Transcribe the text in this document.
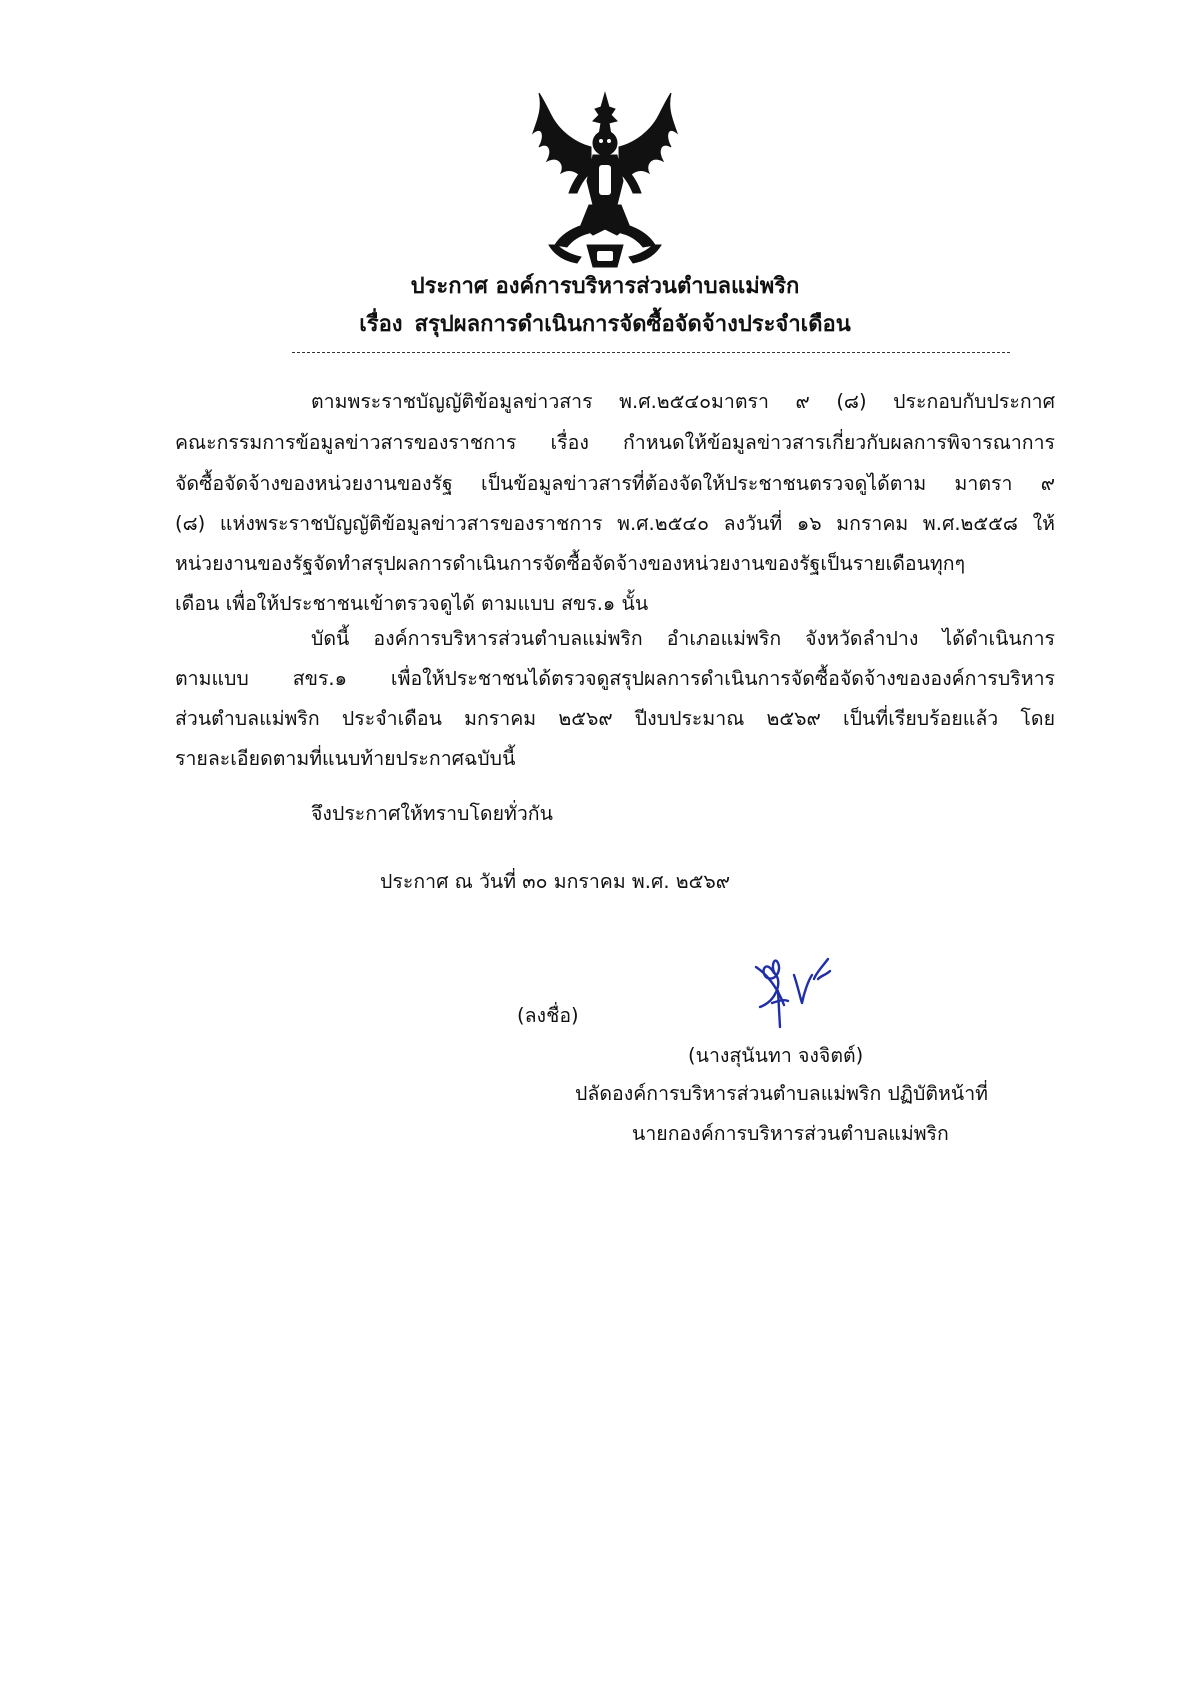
ประกาศ องค์การบริหารส่วนตำบลแม่พริก
เรื่อง สรุปผลการดำเนินการจัดซื้อจัดจ้างประจำเดือน
ตามพระราชบัญญัติข้อมูลข่าวสาร พ.ศ.๒๕๔๐มาตรา ๙ (๘) ประกอบกับประกาศ
คณะกรรมการข้อมูลข่าวสารของราชการ เรื่อง กำหนดให้ข้อมูลข่าวสารเกี่ยวกับผลการพิจารณาการ
จัดซื้อจัดจ้างของหน่วยงานของรัฐ เป็นข้อมูลข่าวสารที่ต้องจัดให้ประชาชนตรวจดูได้ตาม มาตรา ๙
(๘) แห่งพระราชบัญญัติข้อมูลข่าวสารของราชการ พ.ศ.๒๕๔๐ ลงวันที่ ๑๖ มกราคม พ.ศ.๒๕๕๘ ให้
หน่วยงานของรัฐจัดทำสรุปผลการดำเนินการจัดซื้อจัดจ้างของหน่วยงานของรัฐเป็นรายเดือนทุกๆ
เดือน เพื่อให้ประชาชนเข้าตรวจดูได้ ตามแบบ สขร.๑ นั้น
บัดนี้ องค์การบริหารส่วนตำบลแม่พริก อำเภอแม่พริก จังหวัดลำปาง ได้ดำเนินการ
ตามแบบ สขร.๑ เพื่อให้ประชาชนได้ตรวจดูสรุปผลการดำเนินการจัดซื้อจัดจ้างขององค์การบริหาร
ส่วนตำบลแม่พริก ประจำเดือน มกราคม ๒๕๖๙ ปีงบประมาณ ๒๕๖๙ เป็นที่เรียบร้อยแล้ว โดย
รายละเอียดตามที่แนบท้ายประกาศฉบับนี้
จึงประกาศให้ทราบโดยทั่วกัน
ประกาศ ณ วันที่ ๓๐ มกราคม พ.ศ. ๒๕๖๙
(ลงชื่อ)
(นางสุนันทา จงจิตต์)
ปลัดองค์การบริหารส่วนตำบลแม่พริก ปฏิบัติหน้าที่
นายกองค์การบริหารส่วนตำบลแม่พริก
